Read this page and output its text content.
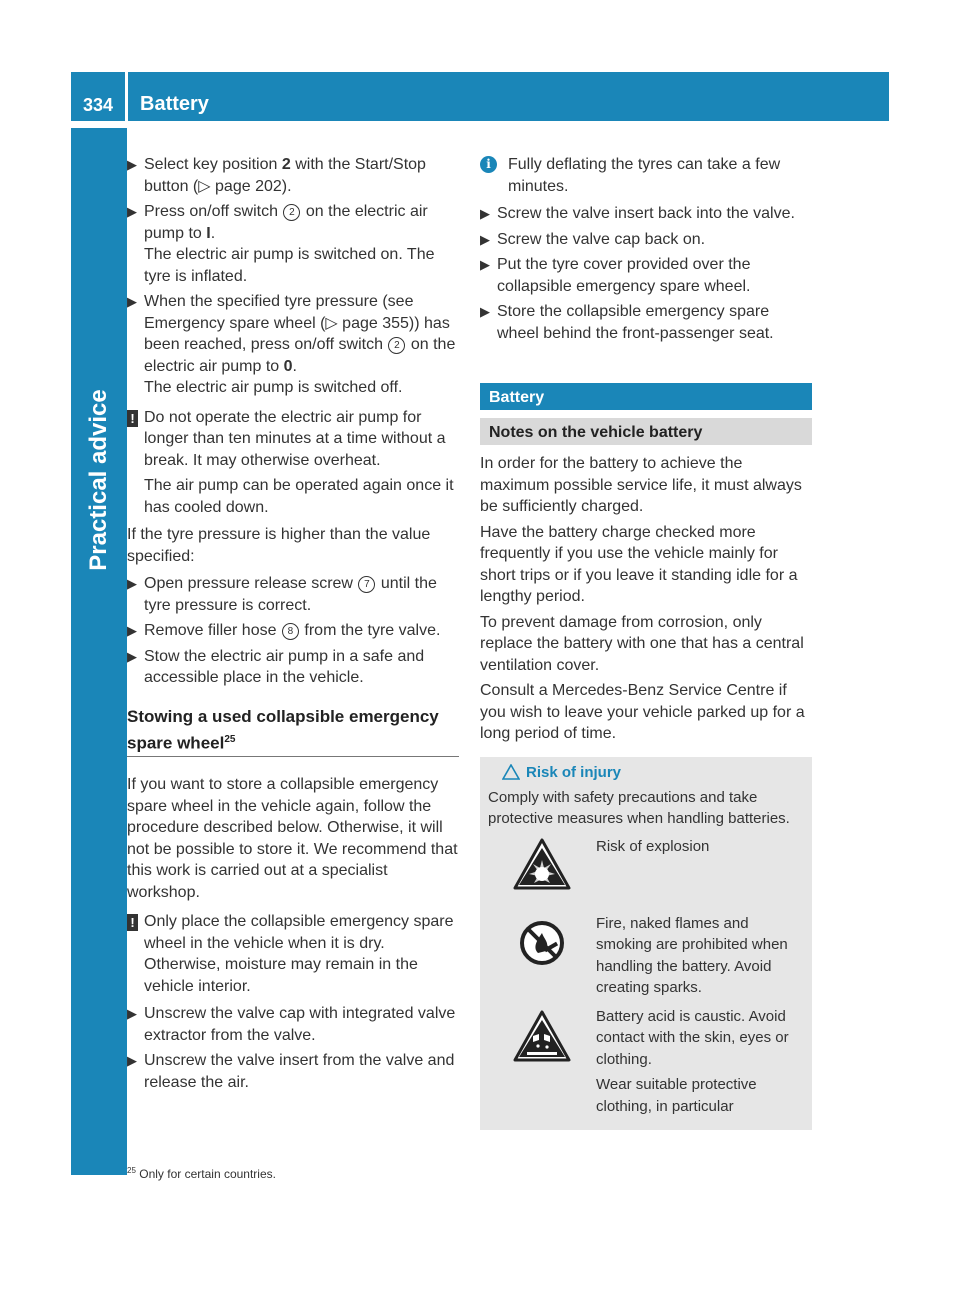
334	Battery
Practical advice
▶ Select key position 2 with the Start/Stop button (▷ page 202).
▶ Press on/off switch 2 on the electric air pump to I.
The electric air pump is switched on. The tyre is inflated.
▶ When the specified tyre pressure (see Emergency spare wheel (▷ page 355)) has been reached, press on/off switch 2 on the electric air pump to 0.
The electric air pump is switched off.
! Do not operate the electric air pump for longer than ten minutes at a time without a break. It may otherwise overheat.

The air pump can be operated again once it has cooled down.

If the tyre pressure is higher than the value specified:

▶ Open pressure release screw 7 until the tyre pressure is correct.
▶ Remove filler hose 8 from the tyre valve.
▶ Stow the electric air pump in a safe and accessible place in the vehicle.
Stowing a used collapsible emergency spare wheel$^{25}$

If you want to store a collapsible emergency spare wheel in the vehicle again, follow the procedure described below. Otherwise, it will not be possible to store it. We recommend that this work is carried out at a specialist workshop.

! Only place the collapsible emergency spare wheel in the vehicle when it is dry. Otherwise, moisture may remain in the vehicle interior.

▶ Unscrew the valve cap with integrated valve extractor from the valve.
▶ Unscrew the valve insert from the valve and release the air.
i	Fully deflating the tyres can take a few minutes.

▶ Screw the valve insert back into the valve.
▶ Screw the valve cap back on.
▶ Put the tyre cover provided over the collapsible emergency spare wheel.
▶ Store the collapsible emergency spare wheel behind the front-passenger seat.
Battery
Notes on the vehicle battery

In order for the battery to achieve the maximum possible service life, it must always be sufficiently charged.

Have the battery charge checked more frequently if you use the vehicle mainly for short trips or if you leave it standing idle for a lengthy period.

To prevent damage from corrosion, only replace the battery with one that has a central ventilation cover.

Consult a Mercedes-Benz Service Centre if you wish to leave your vehicle parked up for a long period of time.

Risk of injury

Comply with safety precautions and take protective measures when handling batteries.

Risk of explosion

Fire, naked flames and smoking are prohibited when handling the battery. Avoid creating sparks.

Battery acid is caustic. Avoid contact with the skin, eyes or clothing.

Wear suitable protective clothing, in particular

$^{25}$ Only for certain countries.
